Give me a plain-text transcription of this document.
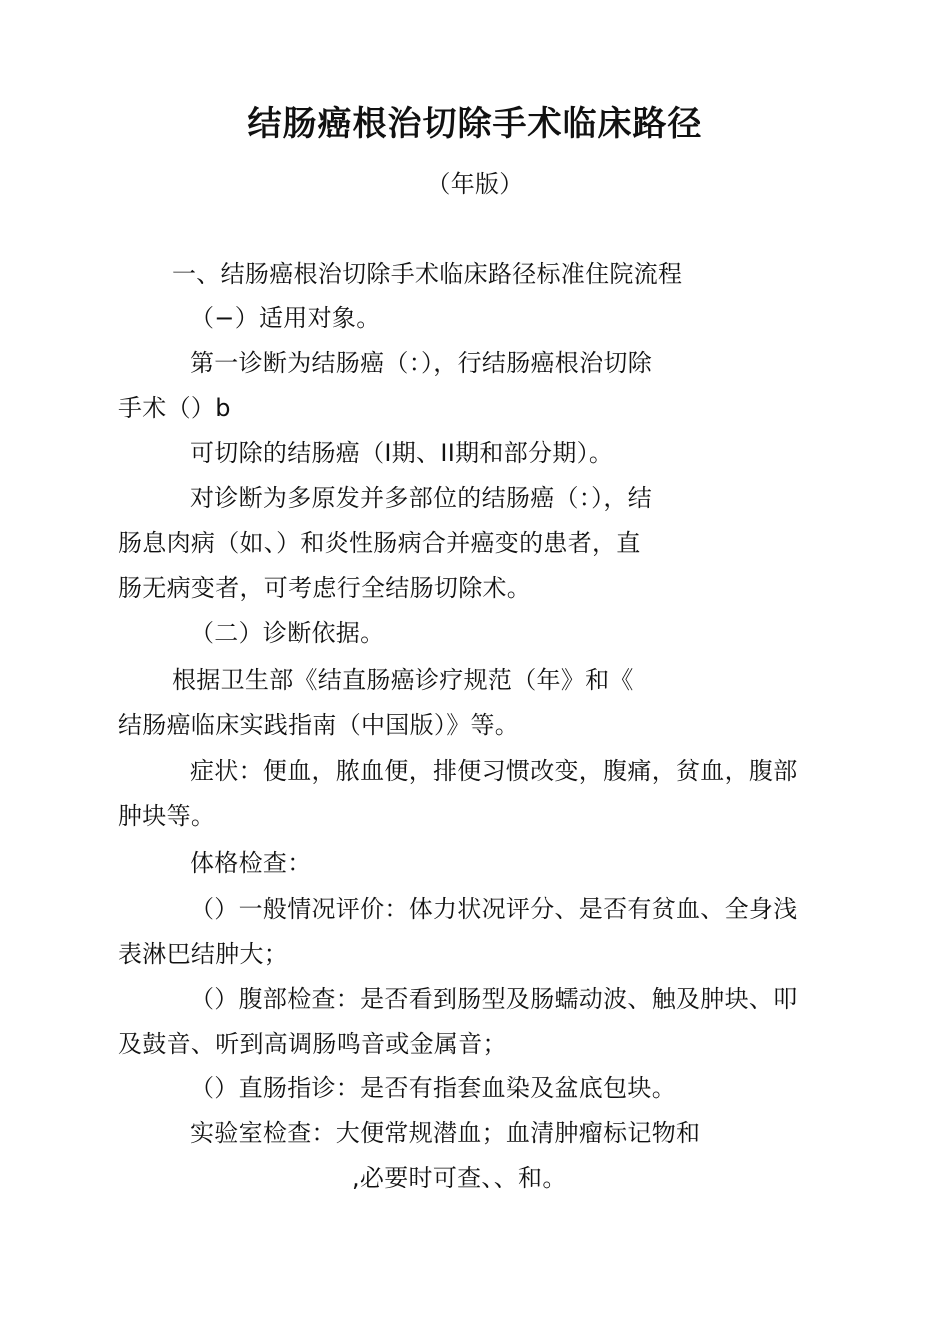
结肠癌根治切除手术临床路径
（年版）

一、结肠癌根治切除手术临床路径标准住院流程

（−）适用对象。

第一诊断为结肠癌（：），行结肠癌根治切除

手术（）b

可切除的结肠癌（I期、II期和部分期）。

对诊断为多原发并多部位的结肠癌（：），结

肠息肉病（如、）和炎性肠病合并癌变的患者，直

肠无病变者，可考虑行全结肠切除术。

（二）诊断依据。

根据卫生部《结直肠癌诊疗规范（年》和《

结肠癌临床实践指南（中国版）》等。

症状：便血，脓血便，排便习惯改变，腹痛，贫血，腹部

肿块等。

体格检查：

（）一般情况评价：体力状况评分、是否有贫血、全身浅

表淋巴结肿大；

（）腹部检查：是否看到肠型及肠蠕动波、触及肿块、叩

及鼓音、听到高调肠鸣音或金属音；

（）直肠指诊：是否有指套血染及盆底包块。

实验室检查：大便常规潜血；血清肿瘤标记物和

,必要时可查、、和。
